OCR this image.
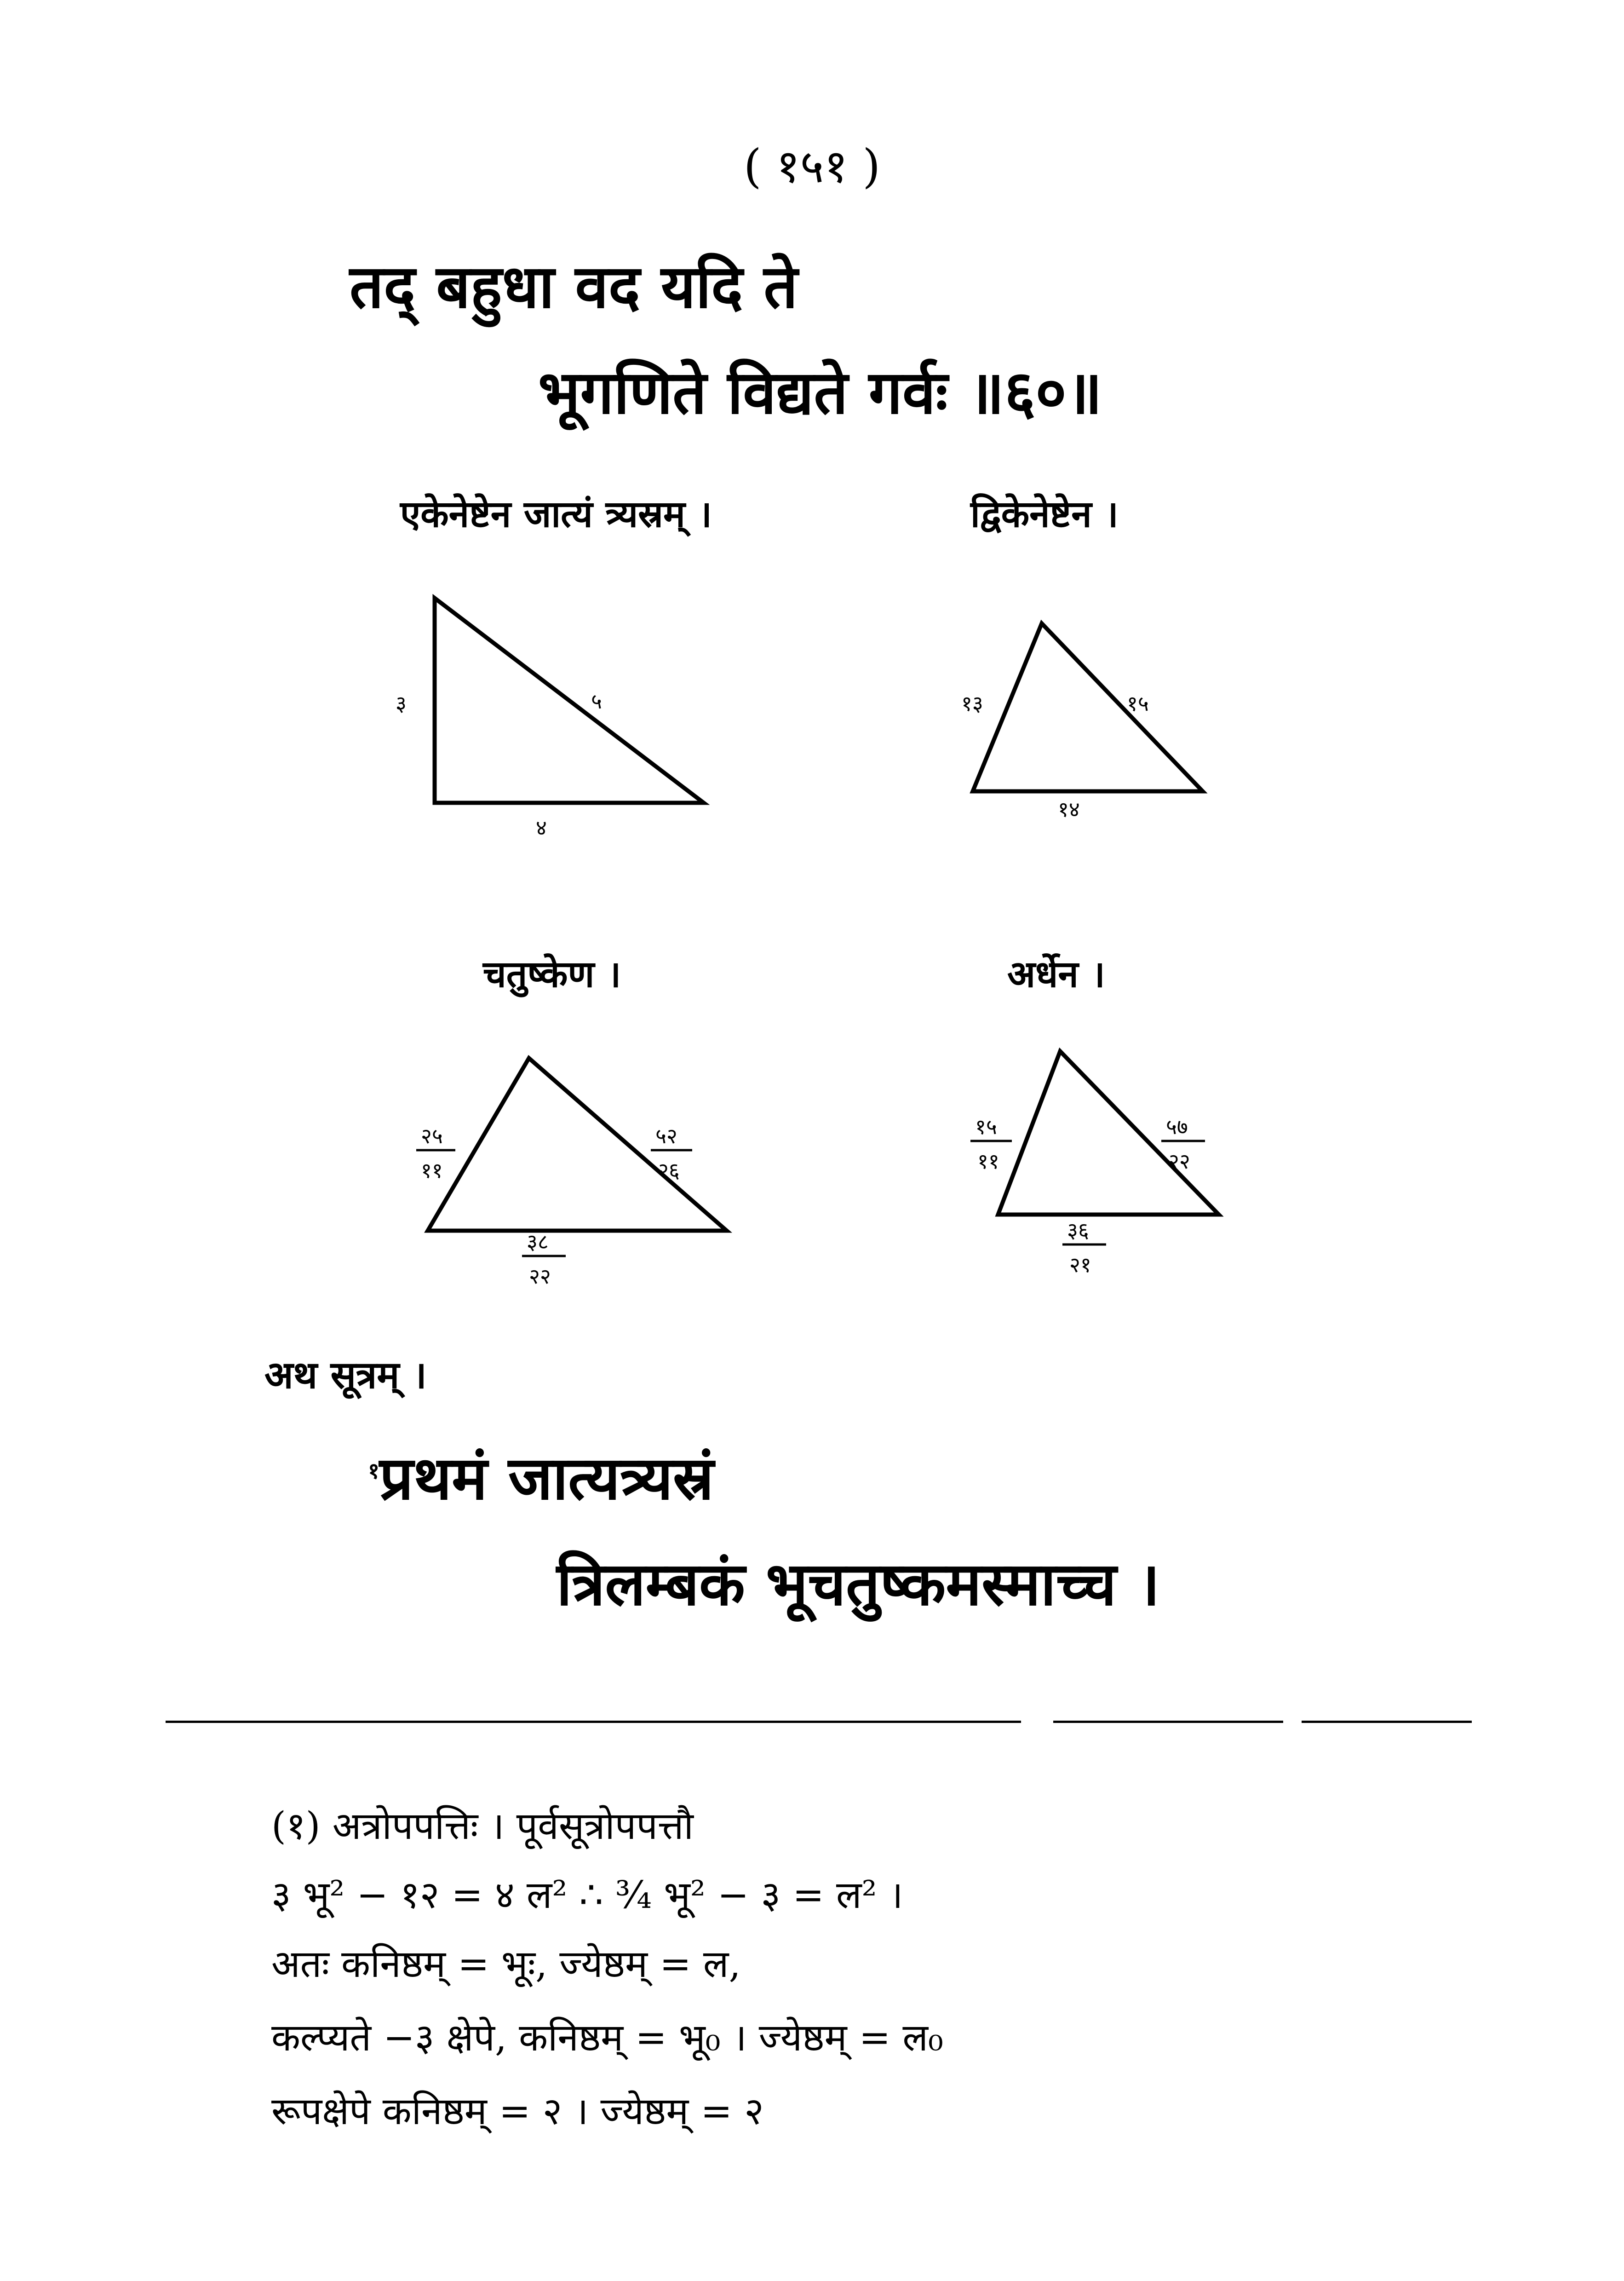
( १५१ )
तद् बहुधा वद यदि ते
भूगणिते विद्यते गर्वः ॥६०॥
एकेनेष्टेन जात्यं त्र्यस्रम् ।	द्विकेनेष्टेन ।
३	५
४
१३	१५
१४
चतुष्केण ।	अर्धेन ।
२५
११
५२
२६
३८
२२
१५
११
५७
२२
३६
२१
अथ सूत्रम् ।
$^१$प्रथमं जात्यत्र्यस्रं
त्रिलम्बकं भूचतुष्कमस्माच्च ।
(१) अत्रोपपत्तिः । पूर्वसूत्रोपपत्तौ
३ भू² − १२ = ४ ल² ∴ ¾ भू² − ३ = ल² ।
अतः कनिष्ठम् = भूः, ज्येष्ठम् = ल,
कल्प्यते −३ क्षेपे, कनिष्ठम् = भू₀ । ज्येष्ठम् = ल₀
रूपक्षेपे कनिष्ठम् = २ । ज्येष्ठम् = २
